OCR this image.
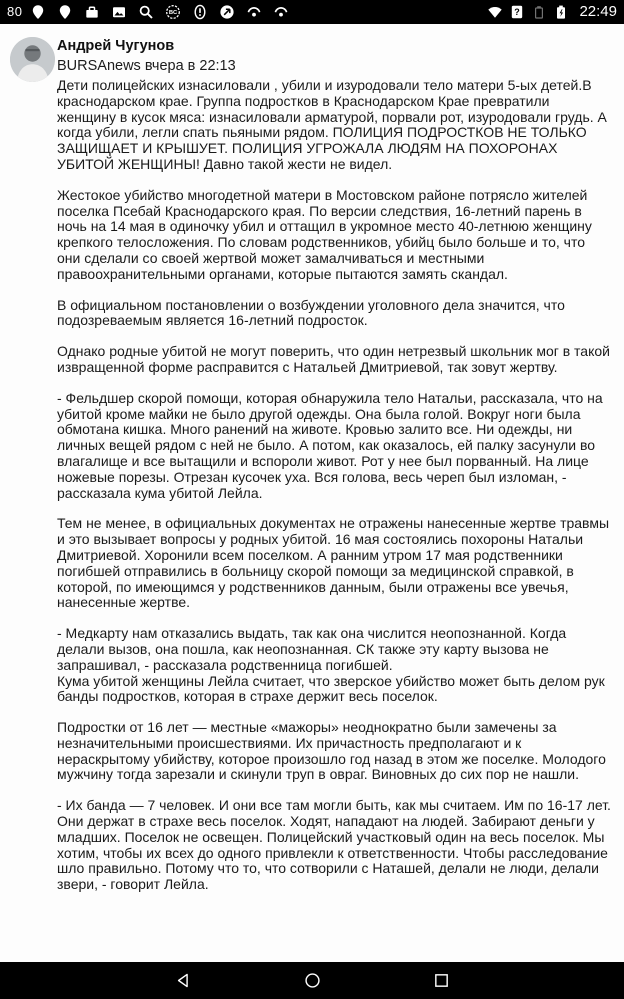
80	BC	?	22:49
Андрей Чугунов
BURSAnews вчера в 22:13
Дети полицейских изнасиловали , убили и изуродовали тело матери 5-ых детей.В краснодарском крае. Группа подростков в Краснодарском Крае превратили женщину в кусок мяса: изнасиловали арматурой, порвали рот, изуродовали грудь. А когда убили, легли спать пьяными рядом. ПОЛИЦИЯ ПОДРОСТКОВ НЕ ТОЛЬКО ЗАЩИЩАЕТ И КРЫШУЕТ. ПОЛИЦИЯ УГРОЖАЛА ЛЮДЯМ НА ПОХОРОНАХ УБИТОЙ ЖЕНЩИНЫ! Давно такой жести не видел.
Жестокое убийство многодетной матери в Мостовском районе потрясло жителей поселка Псебай Краснодарского края. По версии следствия, 16-летний парень в ночь на 14 мая в одиночку убил и оттащил в укромное место 40-летнюю женщину крепкого телосложения. По словам родственников, убийц было больше и то, что они сделали со своей жертвой может замалчиваться и местными правоохранительными органами, которые пытаются замять скандал.
В официальном постановлении о возбуждении уголовного дела значится, что подозреваемым является 16-летний подросток.
Однако родные убитой не могут поверить, что один нетрезвый школьник мог в такой извращенной форме расправится с Натальей Дмитриевой, так зовут жертву.
- Фельдшер скорой помощи, которая обнаружила тело Натальи, рассказала, что на убитой кроме майки не было другой одежды. Она была голой. Вокруг ноги была обмотана кишка. Много ранений на животе. Кровью залито все. Ни одежды, ни личных вещей рядом с ней не было. А потом, как оказалось, ей палку засунули во влагалище и все вытащили и вспороли живот. Рот у нее был порванный. На лице ножевые порезы. Отрезан кусочек уха. Вся голова, весь череп был изломан, - рассказала кума убитой Лейла.
Тем не менее, в официальных документах не отражены нанесенные жертве травмы и это вызывает вопросы у родных убитой. 16 мая состоялись похороны Натальи Дмитриевой. Хоронили всем поселком. А ранним утром 17 мая родственники погибшей отправились в больницу скорой помощи за медицинской справкой, в которой, по имеющимся у родственников данным, были отражены все увечья, нанесенные жертве.
- Медкарту нам отказались выдать, так как она числится неопознанной. Когда делали вызов, она пошла, как неопознанная. СК также эту карту вызова не запрашивал, - рассказала родственница погибшей.
Кума убитой женщины Лейла считает, что зверское убийство может быть делом рук банды подростков, которая в страхе держит весь поселок.
Подростки от 16 лет — местные «мажоры» неоднократно были замечены за незначительными происшествиями. Их причастность предполагают и к нераскрытому убийству, которое произошло год назад в этом же поселке. Молодого мужчину тогда зарезали и скинули труп в овраг. Виновных до сих пор не нашли.
- Их банда — 7 человек. И они все там могли быть, как мы считаем. Им по 16-17 лет. Они держат в страхе весь поселок. Ходят, нападают на людей. Забирают деньги у младших. Поселок не освещен. Полицейский участковый один на весь поселок. Мы хотим, чтобы их всех до одного привлекли к ответственности. Чтобы расследование шло правильно. Потому что то, что сотворили с Наташей, делали не люди, делали звери, - говорит Лейла.
